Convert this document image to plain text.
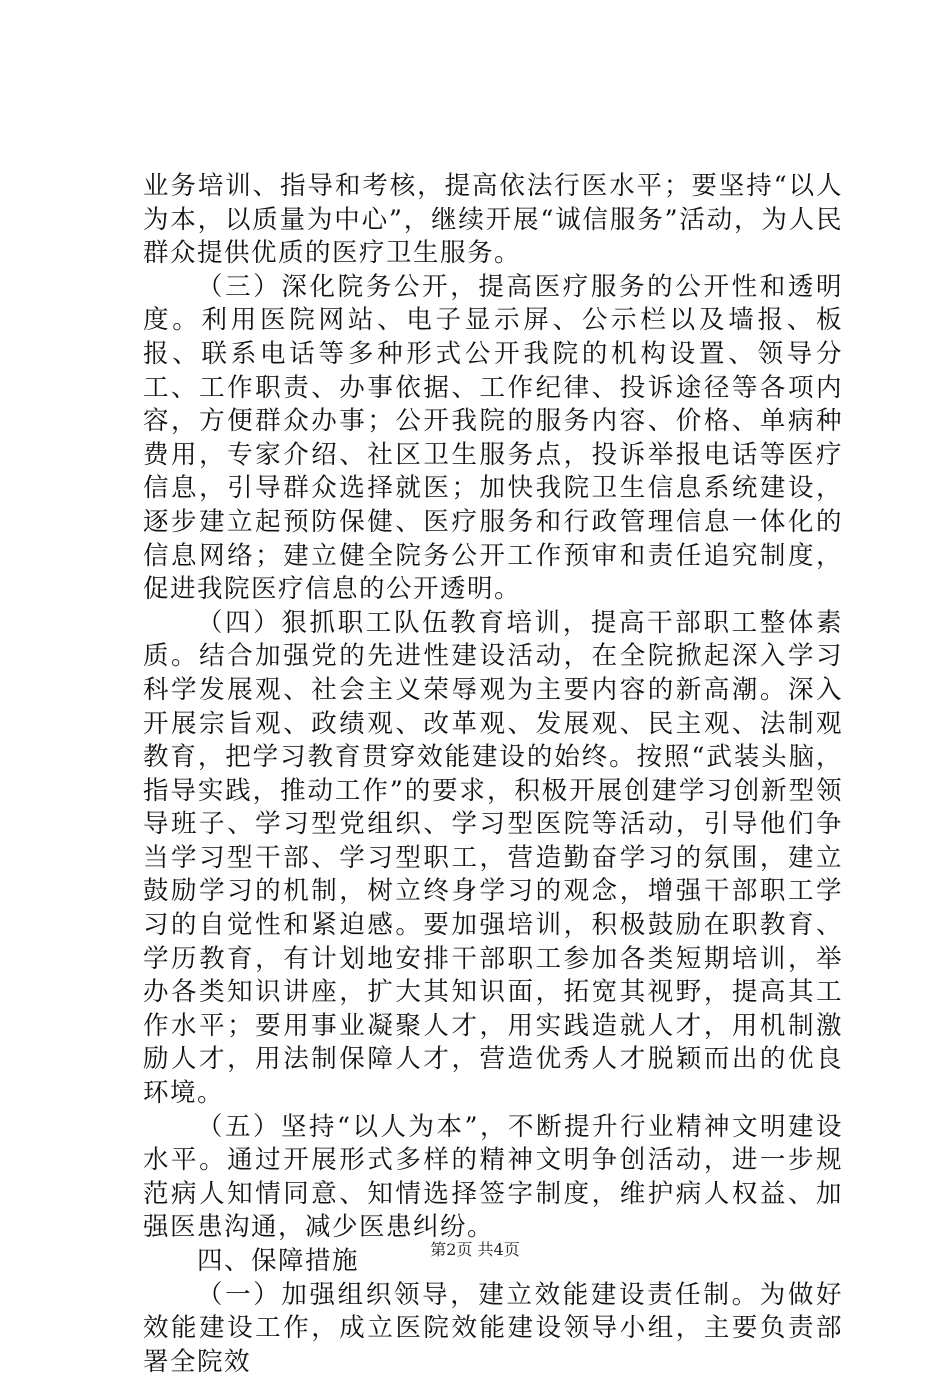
业务培训、指导和考核，提高依法行医水平；要坚持“以人为本，以质量为中心”，继续开展“诚信服务”活动，为人民群众提供优质的医疗卫生服务。

（三）深化院务公开，提高医疗服务的公开性和透明度。利用医院网站、电子显示屏、公示栏以及墙报、板报、联系电话等多种形式公开我院的机构设置、领导分工、工作职责、办事依据、工作纪律、投诉途径等各项内容，方便群众办事；公开我院的服务内容、价格、单病种费用，专家介绍、社区卫生服务点，投诉举报电话等医疗信息，引导群众选择就医；加快我院卫生信息系统建设，逐步建立起预防保健、医疗服务和行政管理信息一体化的信息网络；建立健全院务公开工作预审和责任追究制度，促进我院医疗信息的公开透明。

（四）狠抓职工队伍教育培训，提高干部职工整体素质。结合加强党的先进性建设活动，在全院掀起深入学习科学发展观、社会主义荣辱观为主要内容的新高潮。深入开展宗旨观、政绩观、改革观、发展观、民主观、法制观教育，把学习教育贯穿效能建设的始终。按照“武装头脑，指导实践，推动工作”的要求，积极开展创建学习创新型领导班子、学习型党组织、学习型医院等活动，引导他们争当学习型干部、学习型职工，营造勤奋学习的氛围，建立鼓励学习的机制，树立终身学习的观念，增强干部职工学习的自觉性和紧迫感。要加强培训，积极鼓励在职教育、学历教育，有计划地安排干部职工参加各类短期培训，举办各类知识讲座，扩大其知识面，拓宽其视野，提高其工作水平；要用事业凝聚人才，用实践造就人才，用机制激励人才，用法制保障人才，营造优秀人才脱颖而出的优良环境。

（五）坚持“以人为本”，不断提升行业精神文明建设水平。通过开展形式多样的精神文明争创活动，进一步规范病人知情同意、知情选择签字制度，维护病人权益、加强医患沟通，减少医患纠纷。

四、保障措施

（一）加强组织领导，建立效能建设责任制。为做好效能建设工作，成立医院效能建设领导小组，主要负责部署全院效

第2页 共4页
